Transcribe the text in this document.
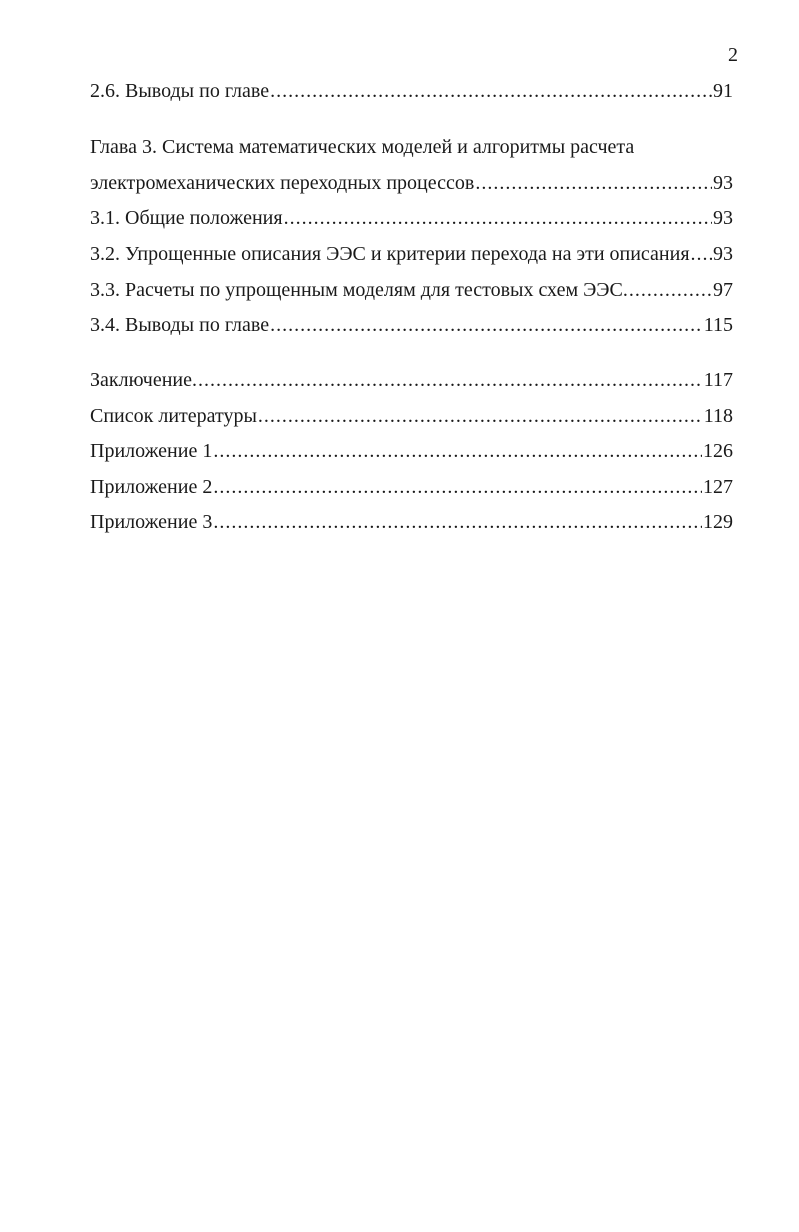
2
2.6. Выводы по главе .....	91
Глава 3. Система математических моделей и алгоритмы расчета
электромеханических переходных процессов .....	93
3.1. Общие положения .....	93
3.2. Упрощенные описания ЭЭС и критерии перехода на эти описания ..... 93
3.3. Расчеты по упрощенным моделям для тестовых схем ЭЭС. .....	97
3.4. Выводы по главе .....	115
Заключение. .....	117
Список литературы .....	118
Приложение 1 .....	126
Приложение 2 .....	127
Приложение 3 .....	129
